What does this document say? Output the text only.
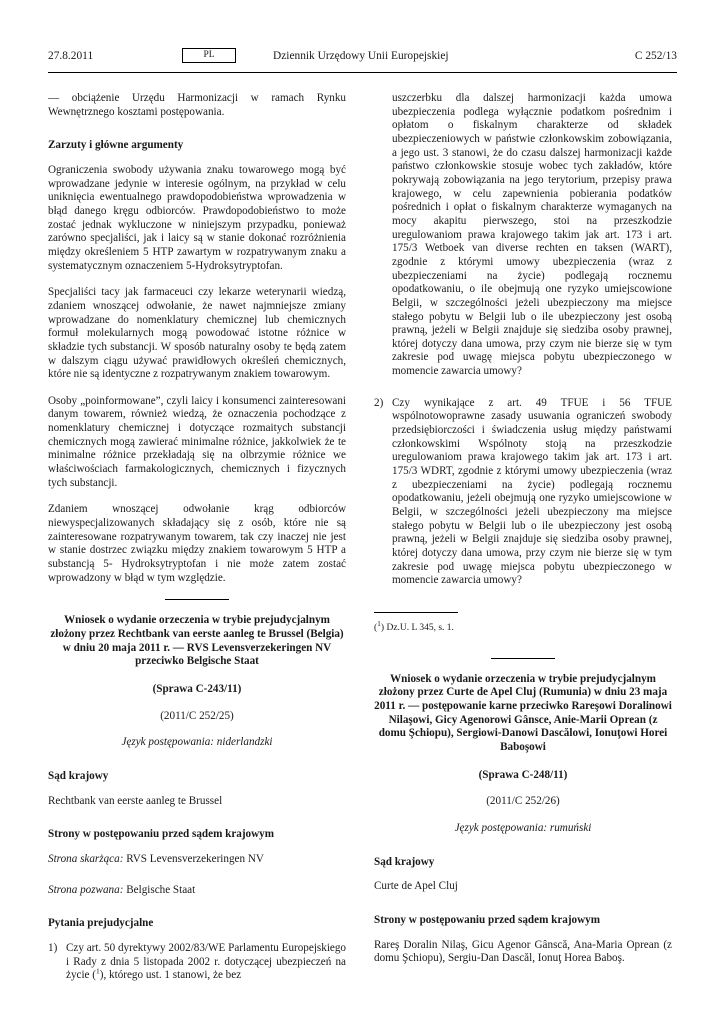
27.8.2011	PL	Dziennik Urzędowy Unii Europejskiej	C 252/13
— obciążenie Urzędu Harmonizacji w ramach Rynku Wewnętrznego kosztami postępowania.

Zarzuty i główne argumenty

Ograniczenia swobody używania znaku towarowego mogą być wprowadzane jedynie w interesie ogólnym, na przykład w celu uniknięcia ewentualnego prawdopodobieństwa wprowadzenia w błąd danego kręgu odbiorców. Prawdopodobieństwo to może zostać jednak wykluczone w niniejszym przypadku, ponieważ zarówno specjaliści, jak i laicy są w stanie dokonać rozróżnienia między określeniem 5 HTP zawartym w rozpatrywanym znaku a systematycznym oznaczeniem 5-Hydroksytryptofan.

Specjaliści tacy jak farmaceuci czy lekarze weterynarii wiedzą, zdaniem wnoszącej odwołanie, że nawet najmniejsze zmiany wprowadzane do nomenklatury chemicznej lub chemicznych formuł molekularnych mogą powodować istotne różnice w składzie tych substancji. W sposób naturalny osoby te będą zatem w dalszym ciągu używać prawidłowych określeń chemicznych, które nie są identyczne z rozpatrywanym znakiem towarowym.

Osoby „poinformowane”, czyli laicy i konsumenci zainteresowani danym towarem, również wiedzą, że oznaczenia pochodzące z nomenklatury chemicznej i dotyczące rozmaitych substancji chemicznych mogą zawierać minimalne różnice, jakkolwiek że te minimalne różnice przekładają się na olbrzymie różnice we właściwościach farmakologicznych, chemicznych i fizycznych tych substancji.

Zdaniem wnoszącej odwołanie krąg odbiorców niewyspecjalizowanych składający się z osób, które nie są zainteresowane rozpatrywanym towarem, tak czy inaczej nie jest w stanie dostrzec związku między znakiem towarowym 5 HTP a substancją 5- Hydroksytryptofan i nie może zatem zostać wprowadzony w błąd w tym względzie.

Wniosek o wydanie orzeczenia w trybie prejudycjalnym złożony przez Rechtbank van eerste aanleg te Brussel (Belgia) w dniu 20 maja 2011 r. — RVS Levensverzekeringen NV przeciwko Belgische Staat

(Sprawa C-243/11)

(2011/C 252/25)

Język postępowania: niderlandzki

Sąd krajowy

Rechtbank van eerste aanleg te Brussel

Strony w postępowaniu przed sądem krajowym

Strona skarżąca: RVS Levensverzekeringen NV

Strona pozwana: Belgische Staat

Pytania prejudycjalne

1) Czy art. 50 dyrektywy 2002/83/WE Parlamentu Europejskiego i Rady z dnia 5 listopada 2002 r. dotyczącej ubezpieczeń na życie ($^1$), którego ust. 1 stanowi, że bez
uszczerbku dla dalszej harmonizacji każda umowa ubezpieczenia podlega wyłącznie podatkom pośrednim i opłatom o fiskalnym charakterze od składek ubezpieczeniowych w państwie członkowskim zobowiązania, a jego ust. 3 stanowi, że do czasu dalszej harmonizacji każde państwo członkowskie stosuje wobec tych zakładów, które pokrywają zobowiązania na jego terytorium, przepisy prawa krajowego, w celu zapewnienia pobierania podatków pośrednich i opłat o fiskalnym charakterze wymaganych na mocy akapitu pierwszego, stoi na przeszkodzie uregulowaniom prawa krajowego takim jak art. 173 i art. 175/3 Wetboek van diverse rechten en taksen (WART), zgodnie z którymi umowy ubezpieczenia (wraz z ubezpieczeniami na życie) podlegają rocznemu opodatkowaniu, o ile obejmują one ryzyko umiejscowione Belgii, w szczególności jeżeli ubezpieczony ma miejsce stałego pobytu w Belgii lub o ile ubezpieczony jest osobą prawną, jeżeli w Belgii znajduje się siedziba osoby prawnej, której dotyczy dana umowa, przy czym nie bierze się w tym zakresie pod uwagę miejsca pobytu ubezpieczonego w momencie zawarcia umowy?
2) Czy wynikające z art. 49 TFUE i 56 TFUE wspólnotowoprawne zasady usuwania ograniczeń swobody przedsiębiorczości i świadczenia usług między państwami członkowskimi Wspólnoty stoją na przeszkodzie uregulowaniom prawa krajowego takim jak art. 173 i art. 175/3 WDRT, zgodnie z którymi umowy ubezpieczenia (wraz z ubezpieczeniami na życie) podlegają rocznemu opodatkowaniu, jeżeli obejmują one ryzyko umiejscowione w Belgii, w szczególności jeżeli ubezpieczony ma miejsce stałego pobytu w Belgii lub o ile ubezpieczony jest osobą prawną, jeżeli w Belgii znajduje się siedziba osoby prawnej, której dotyczy dana umowa, przy czym nie bierze się w tym zakresie pod uwagę miejsca pobytu ubezpieczonego w momencie zawarcia umowy?

($^1$) Dz.U. L 345, s. 1.

Wniosek o wydanie orzeczenia w trybie prejudycjalnym złożony przez Curte de Apel Cluj (Rumunia) w dniu 23 maja 2011 r. — postępowanie karne przeciwko Rareşowi Doralinowi Nilaşowi, Gicy Agenorowi Gânsce, Anie-Marii Oprean (z domu Şchiopu), Sergiowi-Danowi Dascălowi, Ionuţowi Horei Baboşowi

(Sprawa C-248/11)

(2011/C 252/26)

Język postępowania: rumuński

Sąd krajowy

Curte de Apel Cluj

Strony w postępowaniu przed sądem krajowym

Rareş Doralin Nilaş, Gicu Agenor Gânscă, Ana-Maria Oprean (z domu Şchiopu), Sergiu-Dan Dascăl, Ionuţ Horea Baboş.
